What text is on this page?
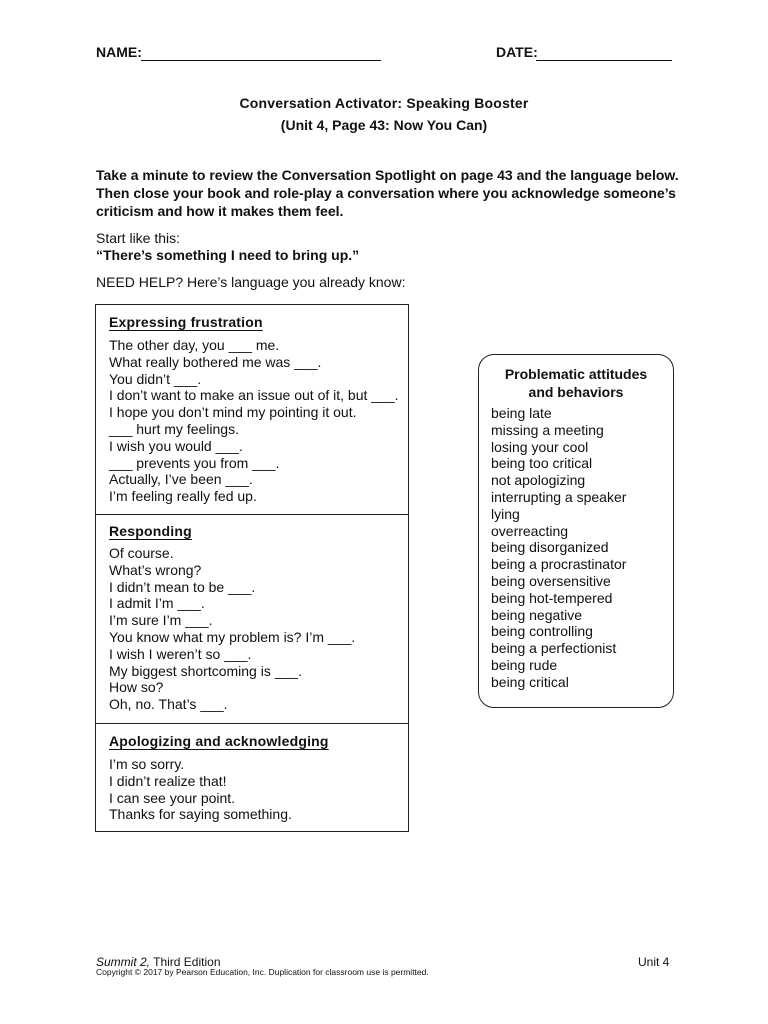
NAME:	DATE:
Conversation Activator: Speaking Booster
(Unit 4, Page 43: Now You Can)
Take a minute to review the Conversation Spotlight on page 43 and the language below. Then close your book and role-play a conversation where you acknowledge someone’s criticism and how it makes them feel.
Start like this:
“There’s something I need to bring up.”
NEED HELP? Here’s language you already know:
Expressing frustration
The other day, you ___ me.
What really bothered me was ___.
You didn’t ___.
I don’t want to make an issue out of it, but ___.
I hope you don’t mind my pointing it out.
___ hurt my feelings.
I wish you would ___.
___ prevents you from ___.
Actually, I’ve been ___.
I’m feeling really fed up.
Responding
Of course.
What’s wrong?
I didn’t mean to be ___.
I admit I’m ___.
I’m sure I’m ___.
You know what my problem is? I’m ___.
I wish I weren’t so ___.
My biggest shortcoming is ___.
How so?
Oh, no. That’s ___.
Apologizing and acknowledging
I’m so sorry.
I didn’t realize that!
I can see your point.
Thanks for saying something.
Problematic attitudes
and behaviors
being late
missing a meeting
losing your cool
being too critical
not apologizing
interrupting a speaker
lying
overreacting
being disorganized
being a procrastinator
being oversensitive
being hot-tempered
being negative
being controlling
being a perfectionist
being rude
being critical
Summit 2, Third Edition
Copyright © 2017 by Pearson Education, Inc. Duplication for classroom use is permitted.
Unit 4
